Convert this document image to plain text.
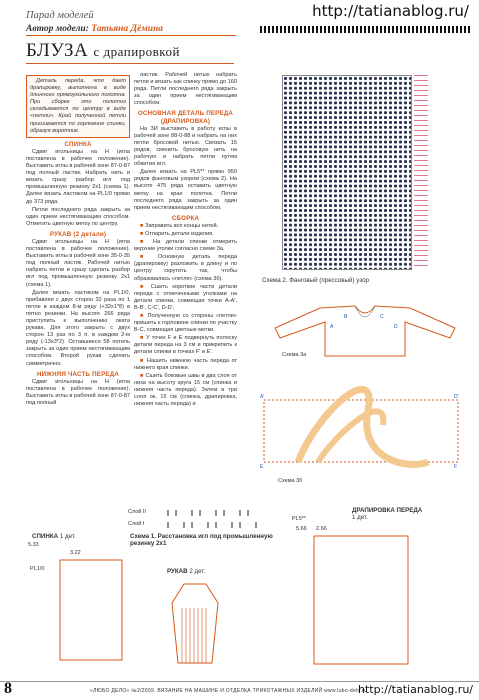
Парад моделей
Автор модели: Татьяна Дёмина
http://tatianablog.ru/
БЛУЗА с драпировкой

Деталь переда, что дает драпировку, выполнена в виде длинного прямоугольного полотна. При сборке это полотно складывается по центру в виде «петли». Край полученной петли пришивается по горловине спинки, образуя воротник.

СПИНКА

Сдвиг игольницы на Н (игла поставлена в рабочее положение). Выставить иглы в рабочей зоне 87-0-87 под полный ластик. Набрать нить и вязать сразу разбор игл под промышленную резинку 2х1 (схема 1). Далее вязать ластиком на PL1/0 прямо до 373 ряда.

Петли последнего ряда закрыть за один прием нестягивающим способом. Отметить цветную метку по центру.

РУКАВ (2 детали)

Сдвиг игольницы на Н (игла поставлена в рабочее положение). Выставить иглы в рабочей зоне 35-0-35 под полный ластик. Рабочей нитью набрать петли и сразу сделать разбор игл под промышленную резинку 2х1 (схема 1).

Далее вязать ластиком на PL1/0, прибавляя с двух сторон 32 раза по 1 петле в каждом 8-м ряду (+32х1*8) в пятно резинки. На высоте 266 ряда приступить к выполнению оката рукава. Для этого закрыть с двух сторон 13 раз по 3 п. в каждом 2-м ряду (-13х3*2). Оставшиеся 58 петель закрыть за один прием нестягивающим способом. Второй рукав сделать симметрично.

НИЖНЯЯ ЧАСТЬ ПЕРЕДА

Сдвиг игольницы на Н (игла поставлена в рабочее положение). Выставить иглы в рабочей зоне 87-0-87 под полный

ластик. Рабочей нитью набрать петли и вязать как спинку прямо до 160 ряда. Петли последнего ряда закрыть за один прием нестягивающим способом.

ОСНОВНАЯ ДЕТАЛЬ ПЕРЕДА (ДРАПИРОВКА)

На ЗИ выставить в работу иглы в рабочей зоне 88-0-88 и набрать на них петли бросовой нитью. Связать 15 рядов, сменить бросовую нить на рабочую и набрать петли путем обвития игл.

Далее вязать на PL5** прямо 950 рядов фанговым узором (схема 2). На высоте 475 ряда оставить цветную метку на крае полотна. Петли последнего ряда закрыть за один прием нестягивающим способом.

СБОРКА

■ Заправить все концы нитей.

■ Отпарить детали изделия.

■ На детали спинки отмерить верхние уголки согласно схеме 3а.

■ Основную деталь переда (драпировку) разложить в длину и по центру скрутить так, чтобы образовалась «петля» (схема 3б).

■ Сшить короткие части детали переда с отмеченными уголками на детали спинки, совмещая точки А-А', В-В', С-С', D-D'.

■ Полученную со стороны «петли» пришить к горловине спинки по участку В-С, совмещая цветные метки.

■ У точек F и Е подвернуть полоску детали переда на 3 см и прикрепить к детали спинки в точках F' и Е'.

■ Нашить нижнюю часть переда от нижнего края спинки.

■ Сшить боковые швы в два слоя от низа на высоту круга 15 см (спинка и нижняя часть переда). Затем в три слоя ок. 15 см (спинка, драпировка, нижняя часть переда) и

Схема 2. Фанговый (прессовый) узор
B	C
A	D
Схема 3а
A'	D'
E	F
Схема 3б
Схема 1. Расстановка игл под промышленную резинку 2х1
Слой II
Слой I
СПИНКА 1 дет.
5.33
3.22
PL1/0	РУКАВ 2 дет.
ДРАПИРОВКА ПЕРЕДА
1 дет.
PL5**
2.66
5.66
8	«ЛЮБО ДЕЛО» №2/2009. ВЯЗАНИЕ НА МАШИНЕ И ОТДЕЛКА ТРИКОТАЖНЫХ ИЗДЕЛИЙ www.lubo-delo.ru
http://tatianablog.ru/
